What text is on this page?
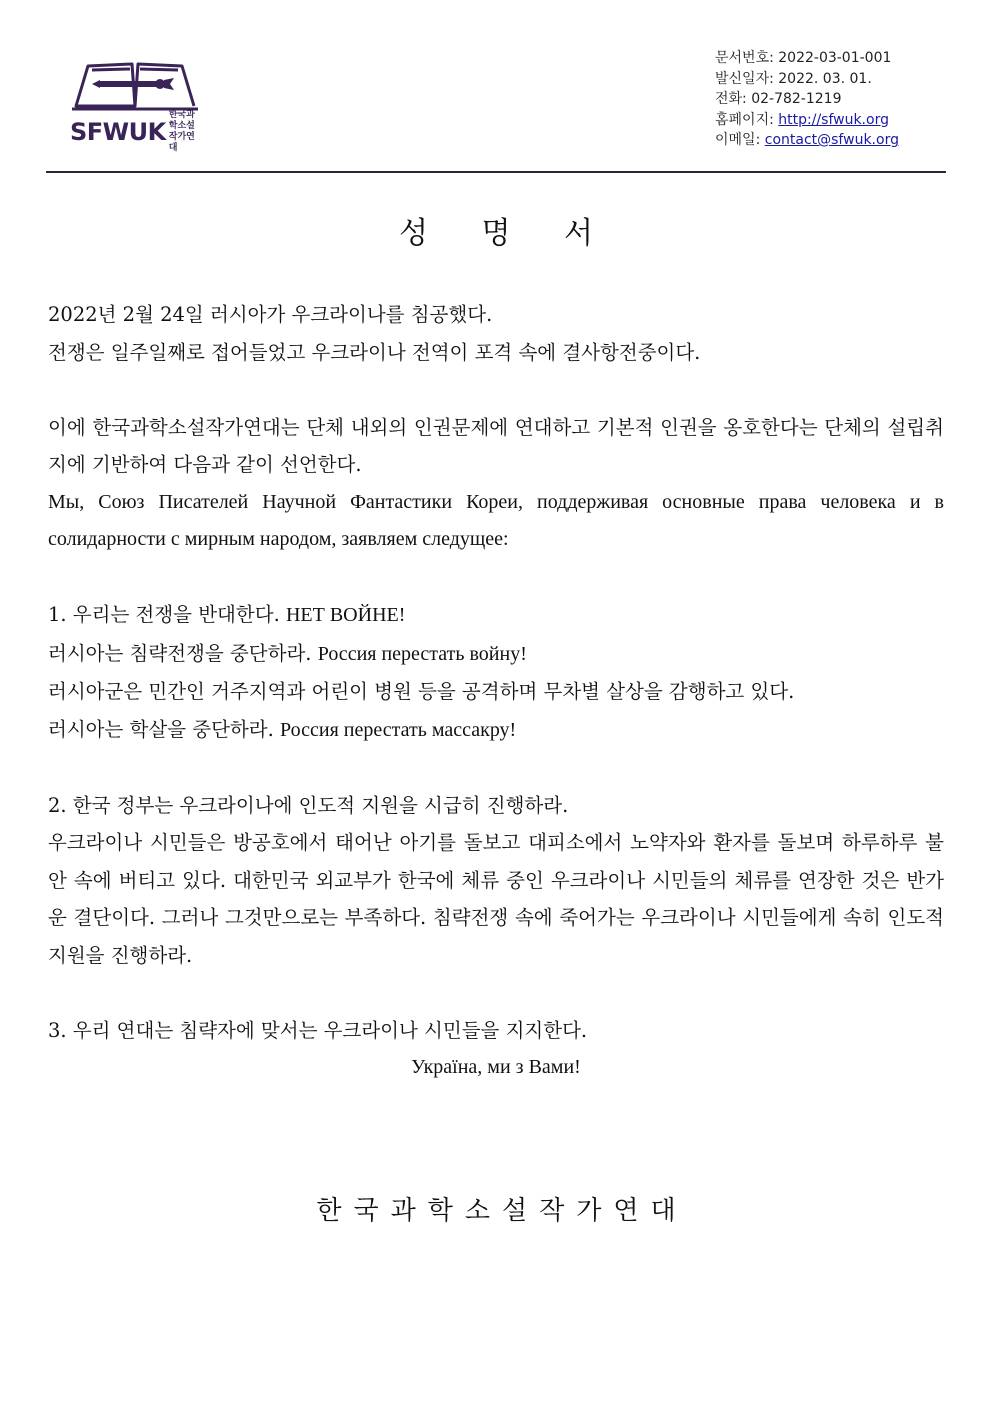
SFWUK
한국과학소설
작가연대
문서번호: 2022-03-01-001
발신일자: 2022. 03. 01.
전화: 02-782-1219
홈페이지: http://sfwuk.org
이메일: contact@sfwuk.org
성 명 서

2022년 2월 24일 러시아가 우크라이나를 침공했다.

전쟁은 일주일째로 접어들었고 우크라이나 전역이 포격 속에 결사항전중이다.

이에 한국과학소설작가연대는 단체 내외의 인권문제에 연대하고 기본적 인권을 옹호한다는 단체의 설립취지에 기반하여 다음과 같이 선언한다.

Мы, Союз Писателей Научной Фантастики Кореи, поддерживая основные права человека и в солидарности с мирным народом, заявляем следущее:

1. 우리는 전쟁을 반대한다. НЕТ ВОЙНЕ!

러시아는 침략전쟁을 중단하라. Россия перестать войну!

러시아군은 민간인 거주지역과 어린이 병원 등을 공격하며 무차별 살상을 감행하고 있다.

러시아는 학살을 중단하라. Россия перестать массакру!

2. 한국 정부는 우크라이나에 인도적 지원을 시급히 진행하라.

우크라이나 시민들은 방공호에서 태어난 아기를 돌보고 대피소에서 노약자와 환자를 돌보며 하루하루 불안 속에 버티고 있다. 대한민국 외교부가 한국에 체류 중인 우크라이나 시민들의 체류를 연장한 것은 반가운 결단이다. 그러나 그것만으로는 부족하다. 침략전쟁 속에 죽어가는 우크라이나 시민들에게 속히 인도적 지원을 진행하라.

3. 우리 연대는 침략자에 맞서는 우크라이나 시민들을 지지한다.

Україна, ми з Вами!

한국과학소설작가연대
